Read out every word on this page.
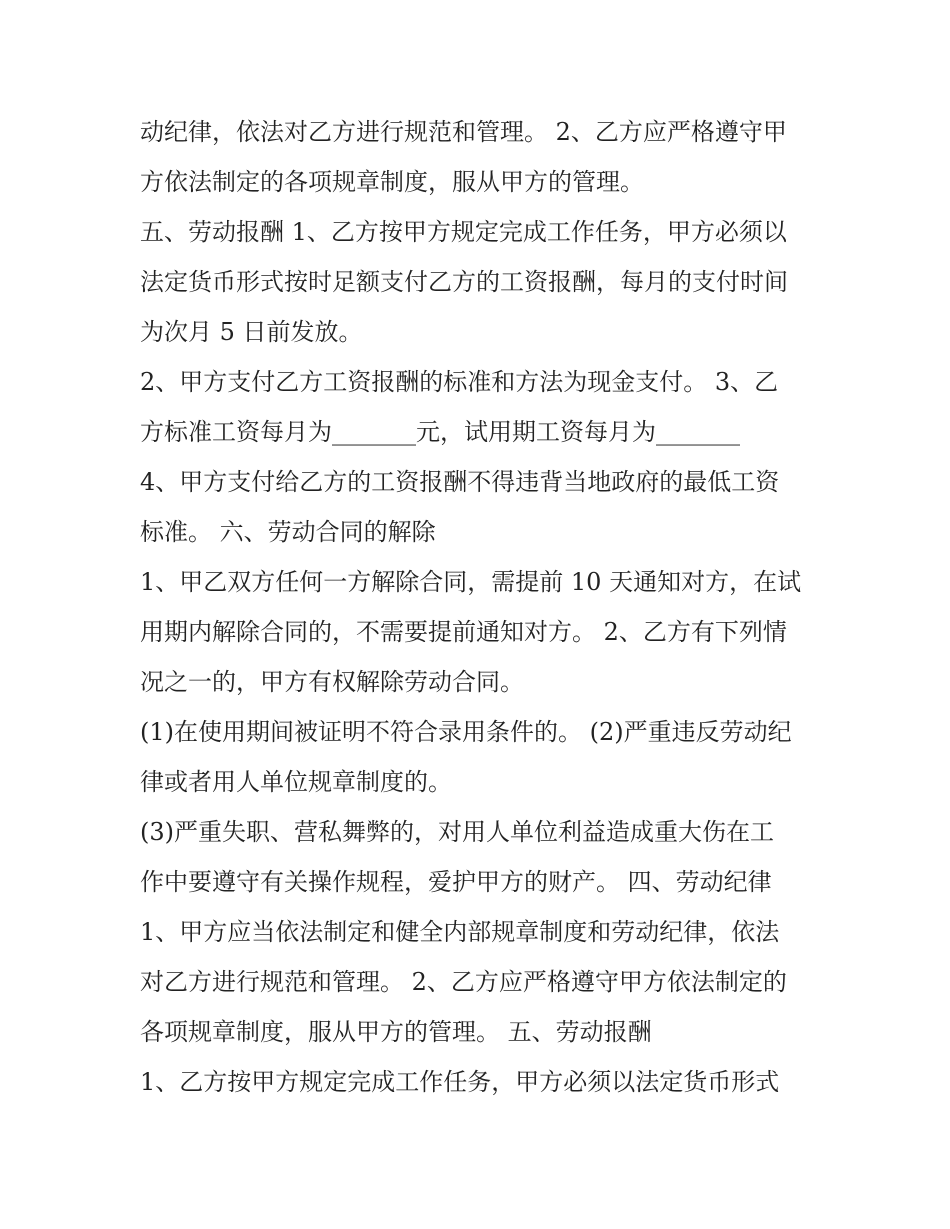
动纪律，依法对乙方进行规范和管理。 2、乙方应严格遵守甲
方依法制定的各项规章制度，服从甲方的管理。
五、劳动报酬 1、乙方按甲方规定完成工作任务，甲方必须以
法定货币形式按时足额支付乙方的工资报酬，每月的支付时间
为次月 5 日前发放。
2、甲方支付乙方工资报酬的标准和方法为现金支付。 3、乙
方标准工资每月为_______元，试用期工资每月为_______
4、甲方支付给乙方的工资报酬不得违背当地政府的最低工资
标准。 六、劳动合同的解除
1、甲乙双方任何一方解除合同，需提前 10 天通知对方，在试
用期内解除合同的，不需要提前通知对方。 2、乙方有下列情
况之一的，甲方有权解除劳动合同。
(1)在使用期间被证明不符合录用条件的。 (2)严重违反劳动纪
律或者用人单位规章制度的。
(3)严重失职、营私舞弊的，对用人单位利益造成重大伤在工
作中要遵守有关操作规程，爱护甲方的财产。 四、劳动纪律
1、甲方应当依法制定和健全内部规章制度和劳动纪律，依法
对乙方进行规范和管理。 2、乙方应严格遵守甲方依法制定的
各项规章制度，服从甲方的管理。 五、劳动报酬
1、乙方按甲方规定完成工作任务，甲方必须以法定货币形式
